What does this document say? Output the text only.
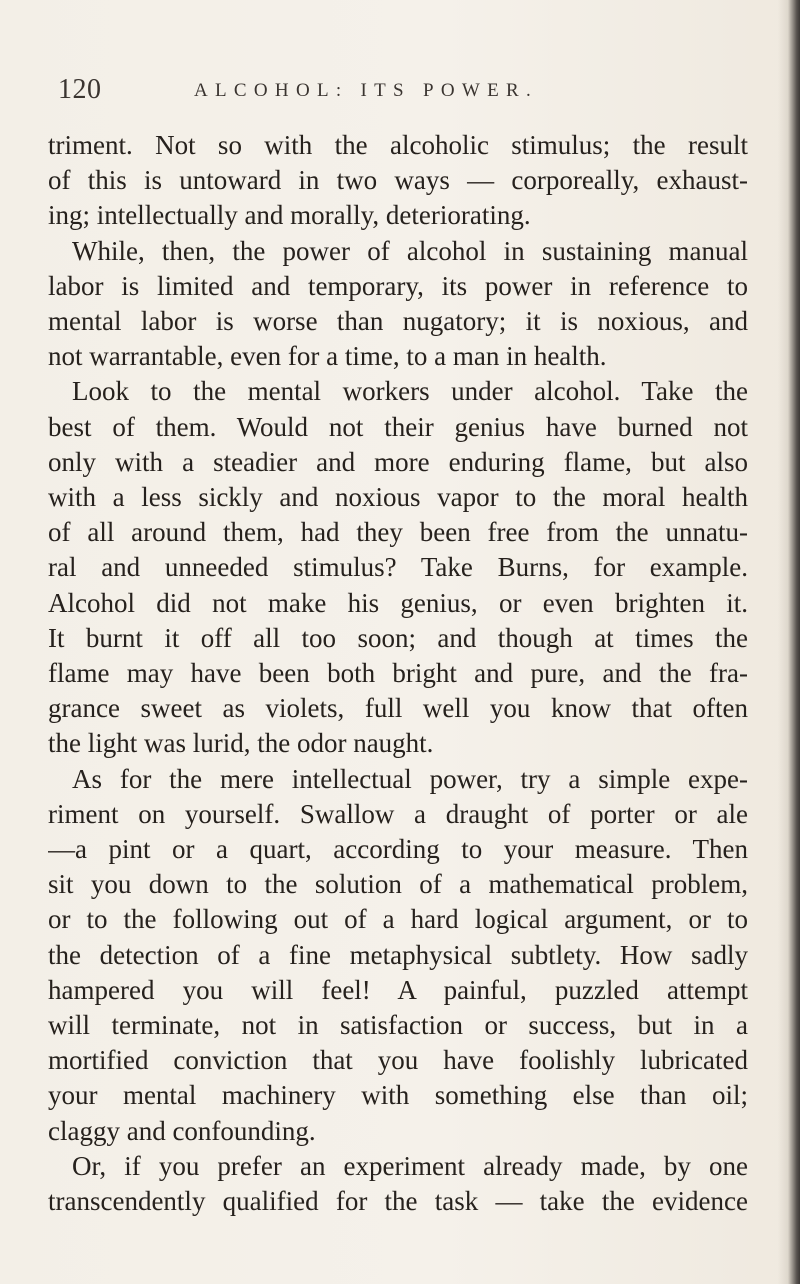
120	ALCOHOL: ITS POWER.
triment. Not so with the alcoholic stimulus; the result
of this is untoward in two ways — corporeally, exhaust-
ing; intellectually and morally, deteriorating.
While, then, the power of alcohol in sustaining manual
labor is limited and temporary, its power in reference to
mental labor is worse than nugatory; it is noxious, and
not warrantable, even for a time, to a man in health.
Look to the mental workers under alcohol. Take the
best of them. Would not their genius have burned not
only with a steadier and more enduring flame, but also
with a less sickly and noxious vapor to the moral health
of all around them, had they been free from the unnatu-
ral and unneeded stimulus? Take Burns, for example.
Alcohol did not make his genius, or even brighten it.
It burnt it off all too soon; and though at times the
flame may have been both bright and pure, and the fra-
grance sweet as violets, full well you know that often
the light was lurid, the odor naught.
As for the mere intellectual power, try a simple expe-
riment on yourself. Swallow a draught of porter or ale
—a pint or a quart, according to your measure. Then
sit you down to the solution of a mathematical problem,
or to the following out of a hard logical argument, or to
the detection of a fine metaphysical subtlety. How sadly
hampered you will feel! A painful, puzzled attempt
will terminate, not in satisfaction or success, but in a
mortified conviction that you have foolishly lubricated
your mental machinery with something else than oil;
claggy and confounding.
Or, if you prefer an experiment already made, by one
transcendently qualified for the task — take the evidence
